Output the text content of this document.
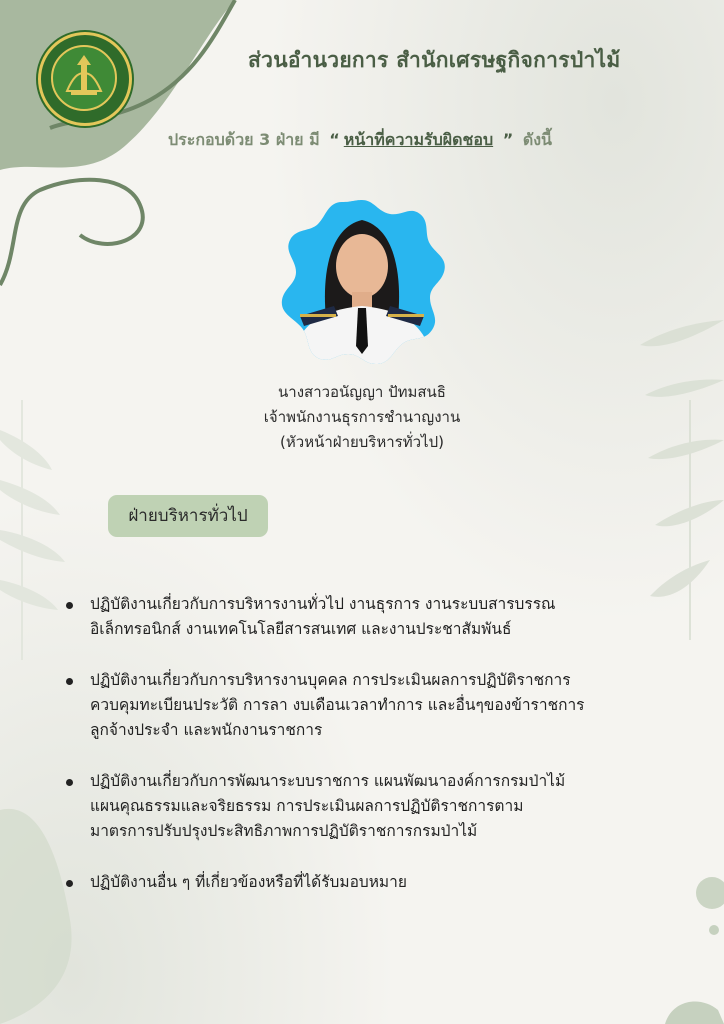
ส่วนอำนวยการ สำนักเศรษฐกิจการป่าไม้
ประกอบด้วย 3 ฝ่าย มี “ หน้าที่ความรับผิดชอบ ” ดังนี้
นางสาวอนัญญา ปัทมสนธิ
เจ้าพนักงานธุรการชำนาญงาน
(หัวหน้าฝ่ายบริหารทั่วไป)
ฝ่ายบริหารทั่วไป
ปฏิบัติงานเกี่ยวกับการบริหารงานทั่วไป งานธุรการ งานระบบสารบรรณ
อิเล็กทรอนิกส์ งานเทคโนโลยีสารสนเทศ และงานประชาสัมพันธ์
ปฏิบัติงานเกี่ยวกับการบริหารงานบุคคล การประเมินผลการปฏิบัติราชการ
ควบคุมทะเบียนประวัติ การลา งบเดือนเวลาทำการ และอื่นๆของข้าราชการ
ลูกจ้างประจำ และพนักงานราชการ
ปฏิบัติงานเกี่ยวกับการพัฒนาระบบราชการ แผนพัฒนาองค์การกรมป่าไม้
แผนคุณธรรมและจริยธรรม การประเมินผลการปฏิบัติราชการตาม
มาตรการปรับปรุงประสิทธิภาพการปฏิบัติราชการกรมป่าไม้
ปฏิบัติงานอื่น ๆ ที่เกี่ยวข้องหรือที่ได้รับมอบหมาย
